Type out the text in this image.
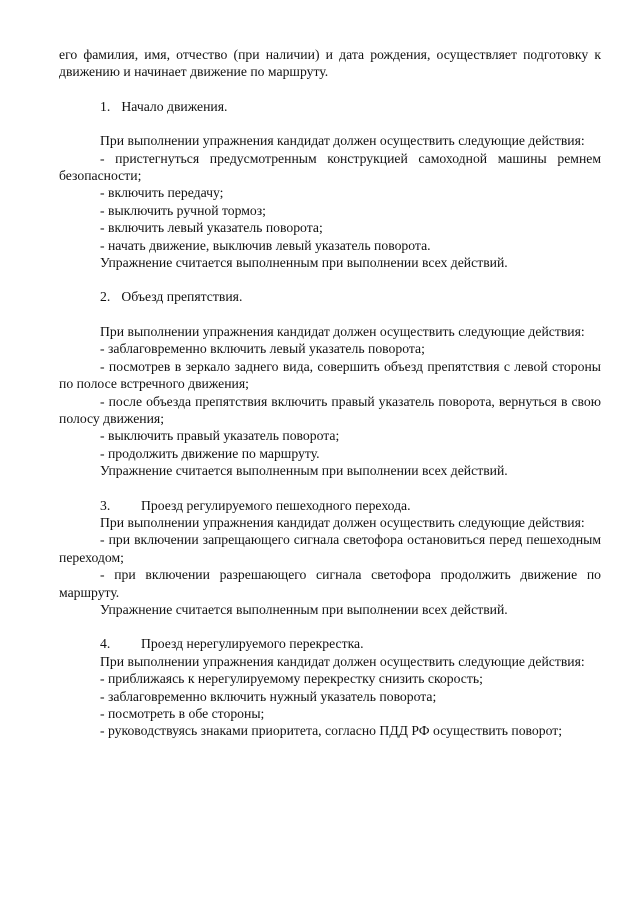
его фамилия, имя, отчество (при наличии) и дата рождения, осуществляет подготовку к движению и начинает движение по маршруту.
1. Начало движения.
При выполнении упражнения кандидат должен осуществить следующие действия:
- пристегнуться предусмотренным конструкцией самоходной машины ремнем безопасности;
- включить передачу;
- выключить ручной тормоз;
- включить левый указатель поворота;
- начать движение, выключив левый указатель поворота.
Упражнение считается выполненным при выполнении всех действий.
2. Объезд препятствия.
При выполнении упражнения кандидат должен осуществить следующие действия:
- заблаговременно включить левый указатель поворота;
- посмотрев в зеркало заднего вида, совершить объезд препятствия с левой стороны по полосе встречного движения;
- после объезда препятствия включить правый указатель поворота, вернуться в свою полосу движения;
- выключить правый указатель поворота;
- продолжить движение по маршруту.
Упражнение считается выполненным при выполнении всех действий.
3. Проезд регулируемого пешеходного перехода.
При выполнении упражнения кандидат должен осуществить следующие действия:
- при включении запрещающего сигнала светофора остановиться перед пешеходным переходом;
- при включении разрешающего сигнала светофора продолжить движение по маршруту.
Упражнение считается выполненным при выполнении всех действий.
4. Проезд нерегулируемого перекрестка.
При выполнении упражнения кандидат должен осуществить следующие действия:
- приближаясь к нерегулируемому перекрестку снизить скорость;
- заблаговременно включить нужный указатель поворота;
- посмотреть в обе стороны;
- руководствуясь знаками приоритета, согласно ПДД РФ осуществить поворот;
